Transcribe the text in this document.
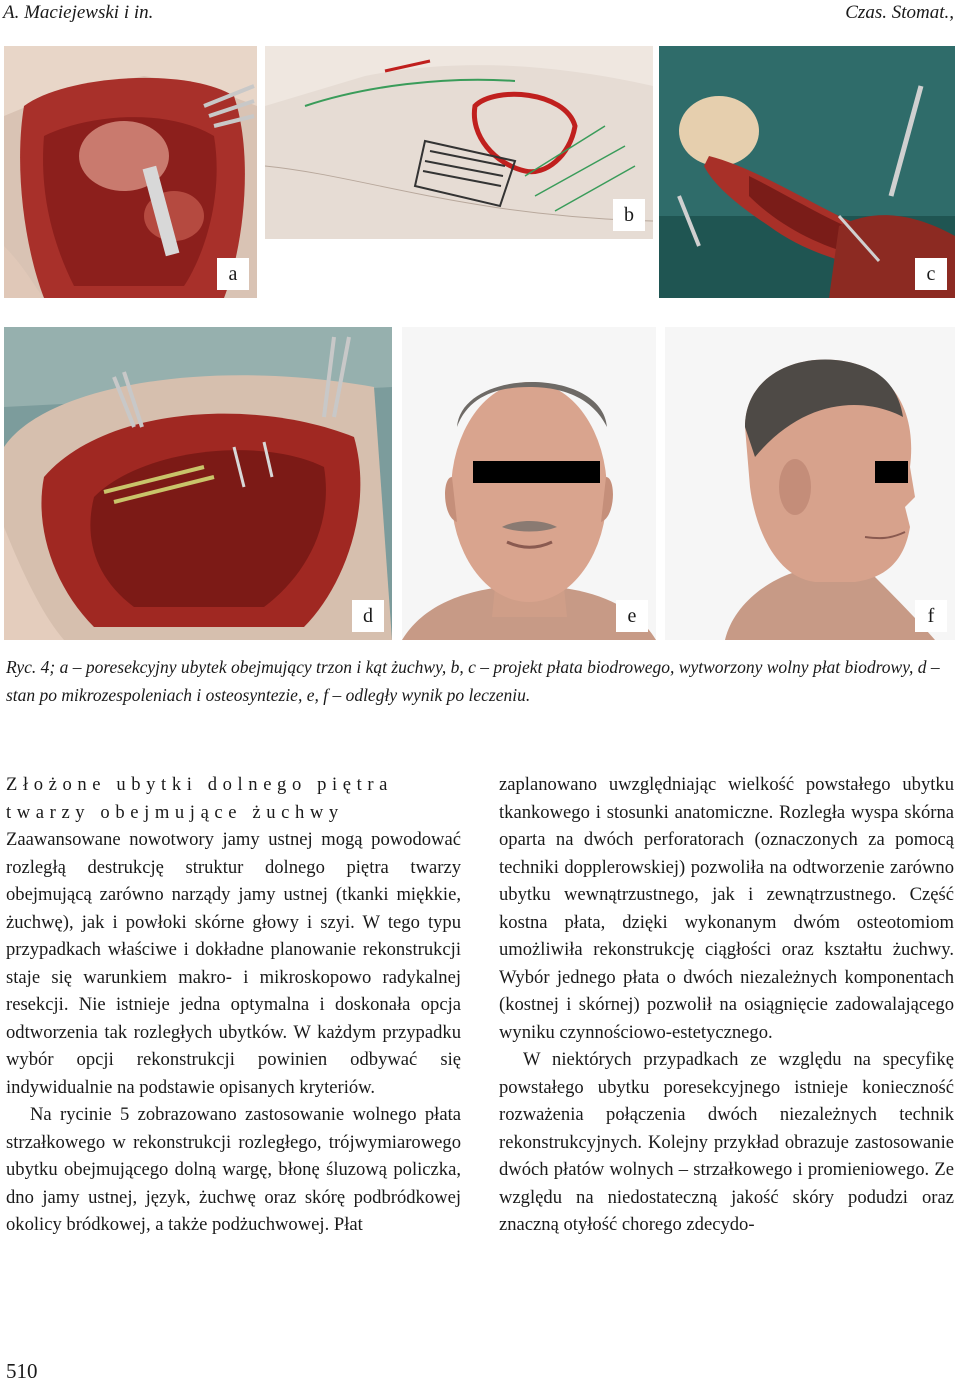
A. Maciejewski i in.	Czas. Stomat.,
a
b
c
d	e	f
Ryc. 4; a – poresekcyjny ubytek obejmujący trzon i kąt żuchwy, b, c – projekt płata biodrowego, wytworzony wolny płat biodrowy, d – stan po mikrozespoleniach i osteosyntezie, e, f – odległy wynik po leczeniu.

Złożone ubytki dolnego piętra

twarzy obejmujące żuchwy

Zaawansowane nowotwory jamy ustnej mogą powodować rozległą destrukcję struktur dolnego piętra twarzy obejmującą zarówno narządy jamy ustnej (tkanki miękkie, żuchwę), jak i powłoki skórne głowy i szyi. W tego typu przypadkach właściwe i dokładne planowanie rekonstrukcji staje się warunkiem makro- i mikroskopowo radykalnej resekcji. Nie istnieje jedna optymalna i doskonała opcja odtworzenia tak rozległych ubytków. W każdym przypadku wybór opcji rekonstrukcji powinien odbywać się indywidualnie na podstawie opisanych kryteriów.

Na rycinie 5 zobrazowano zastosowanie wolnego płata strzałkowego w rekonstrukcji rozległego, trójwymiarowego ubytku obejmującego dolną wargę, błonę śluzową policzka, dno jamy ustnej, język, żuchwę oraz skórę podbródkowej okolicy bródkowej, a także podżuchwowej. Płat

zaplanowano uwzględniając wielkość powstałego ubytku tkankowego i stosunki anatomiczne. Rozległa wyspa skórna oparta na dwóch perforatorach (oznaczonych za pomocą techniki dopplerowskiej) pozwoliła na odtworzenie zarówno ubytku wewnątrzustnego, jak i zewnątrzustnego. Część kostna płata, dzięki wykonanym dwóm osteotomiom umożliwiła rekonstrukcję ciągłości oraz kształtu żuchwy. Wybór jednego płata o dwóch niezależnych komponentach (kostnej i skórnej) pozwolił na osiągnięcie zadowalającego wyniku czynnościowo-estetycznego.

W niektórych przypadkach ze względu na specyfikę powstałego ubytku poresekcyjnego istnieje konieczność rozważenia połączenia dwóch niezależnych technik rekonstrukcyjnych. Kolejny przykład obrazuje zastosowanie dwóch płatów wolnych – strzałkowego i promieniowego. Ze względu na niedostateczną jakość skóry podudzi oraz znaczną otyłość chorego zdecydo-

510
